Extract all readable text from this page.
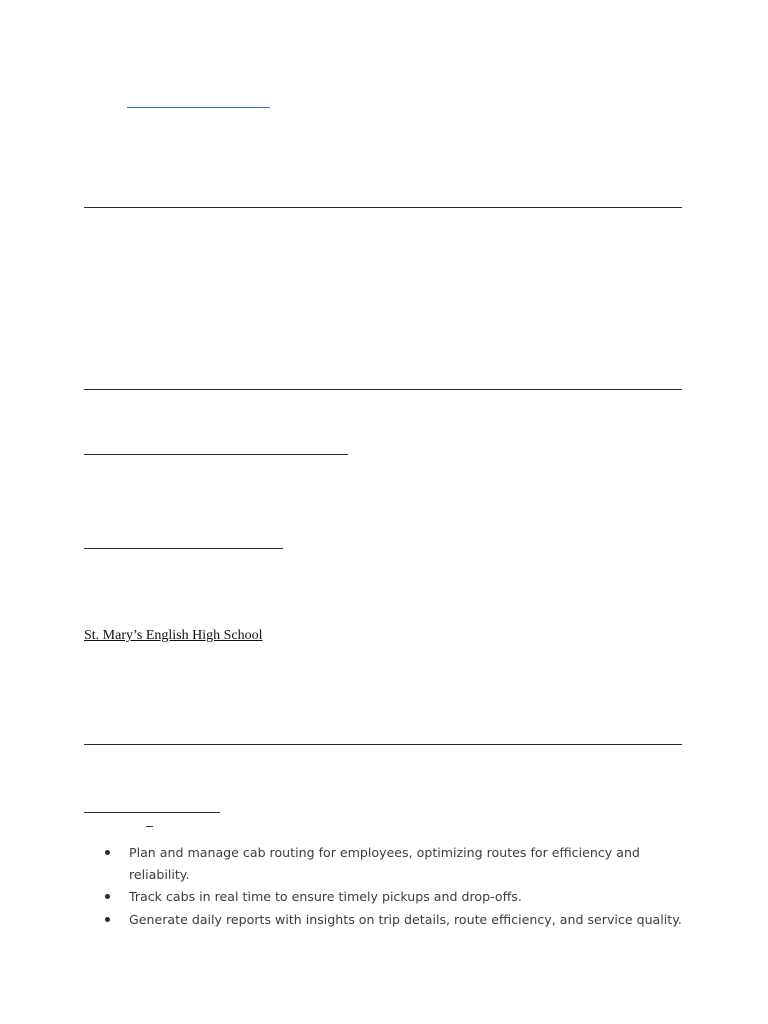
St. Mary’s English High School
–
Plan and manage cab routing for employees, optimizing routes for efficiency and reliability.
Track cabs in real time to ensure timely pickups and drop-offs.
Generate daily reports with insights on trip details, route efficiency, and service quality.
